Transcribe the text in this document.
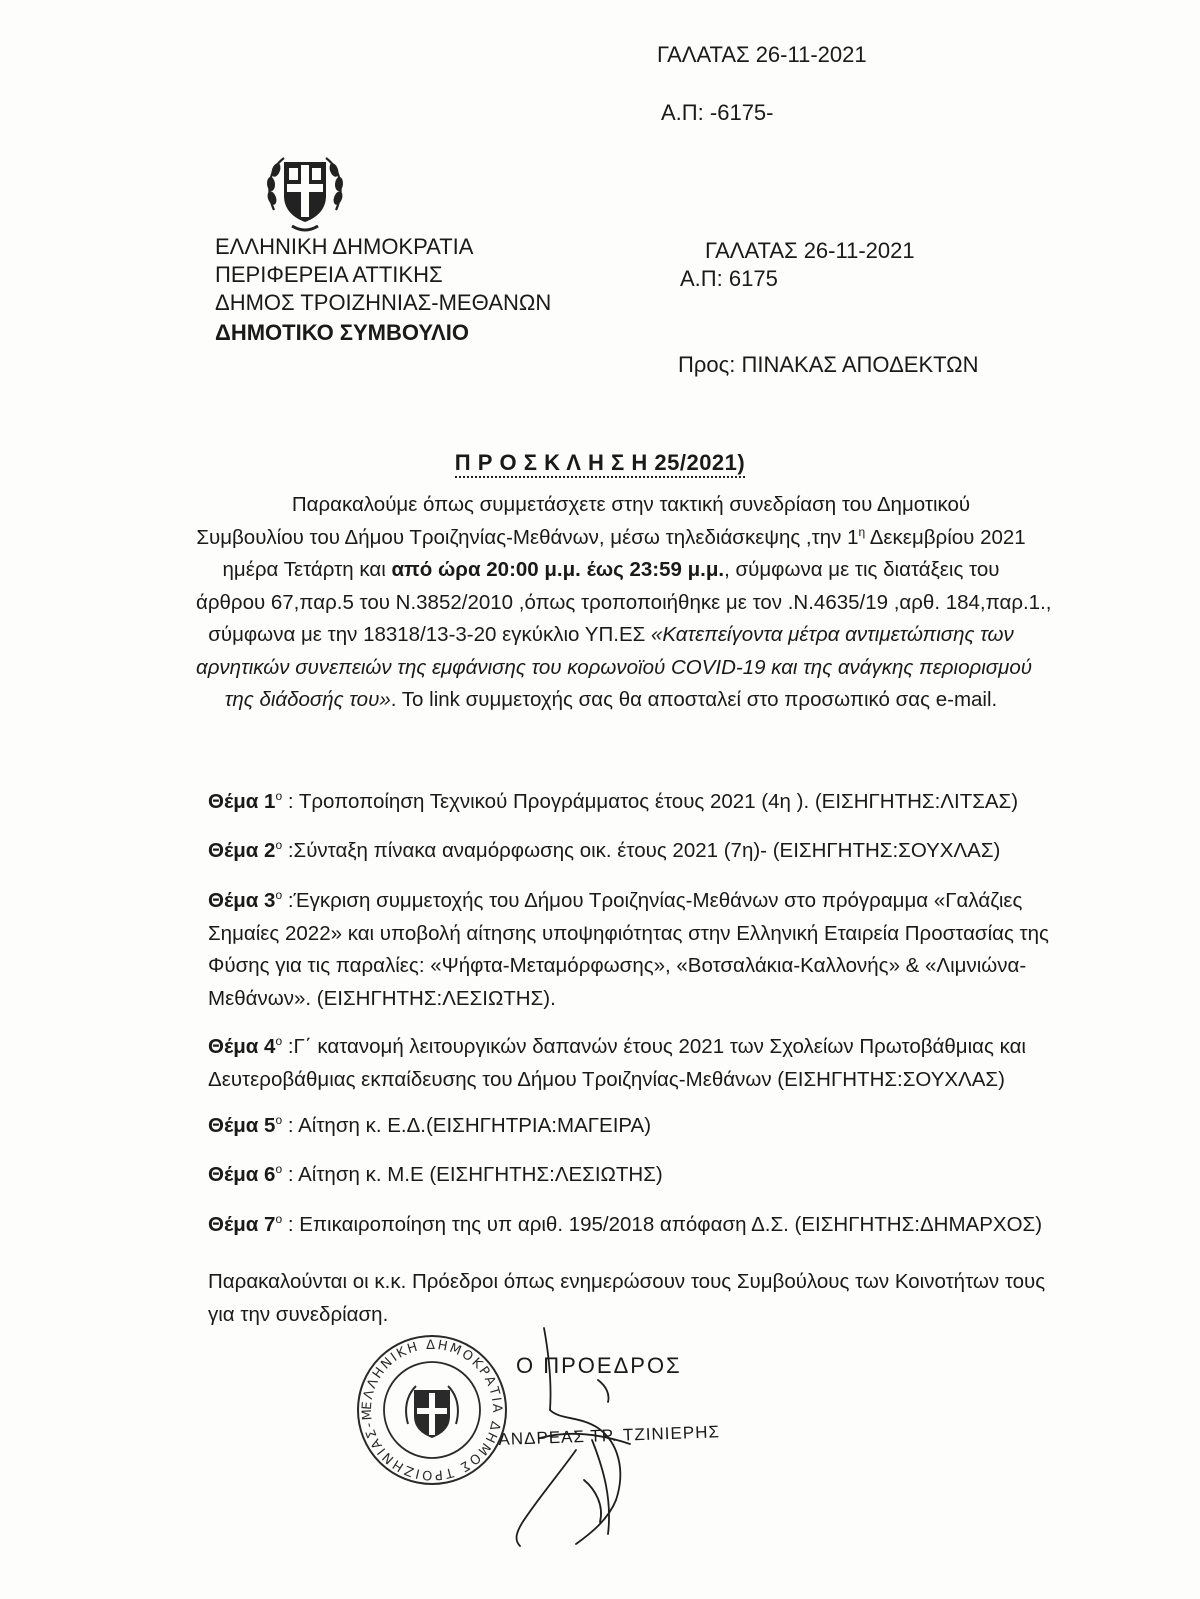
ΓΑΛΑΤΑΣ 26-11-2021
Α.Π: -6175-
ΕΛΛΗΝΙΚΗ ΔΗΜΟΚΡΑΤΙΑ
ΠΕΡΙΦΕΡΕΙΑ ΑΤΤΙΚΗΣ
ΔΗΜΟΣ ΤΡΟΙΖΗΝΙΑΣ-ΜΕΘΑΝΩΝ
ΔΗΜΟΤΙΚΟ ΣΥΜΒΟΥΛΙΟ
ΓΑΛΑΤΑΣ 26-11-2021
Α.Π: 6175
Προς: ΠΙΝΑΚΑΣ ΑΠΟΔΕΚΤΩΝ
Π Ρ Ο Σ Κ Λ Η Σ Η 25/2021)
Παρακαλούμε όπως συμμετάσχετε στην τακτική συνεδρίαση του Δημοτικού
Συμβουλίου του Δήμου Τροιζηνίας-Μεθάνων, μέσω τηλεδιάσκεψης ,την $1^\eta$ Δεκεμβρίου 2021
ημέρα Τετάρτη και από ώρα 20:00 μ.μ. έως 23:59 μ.μ., σύμφωνα με τις διατάξεις του
άρθρου 67,παρ.5 του Ν.3852/2010 ,όπως τροποποιήθηκε με τον .Ν.4635/19 ,αρθ. 184,παρ.1.,
σύμφωνα με την 18318/13-3-20 εγκύκλιο ΥΠ.ΕΣ «Κατεπείγοντα μέτρα αντιμετώπισης των
αρνητικών συνεπειών της εμφάνισης του κορωνοϊού COVID-19 και της ανάγκης περιορισμού
της διάδοσής του». Το link συμμετοχής σας θα αποσταλεί στο προσωπικό σας e-mail.
Θέμα $1^o$ : Τροποποίηση Τεχνικού Προγράμματος έτους 2021 (4η ). (ΕΙΣΗΓΗΤΗΣ:ΛΙΤΣΑΣ)
Θέμα $2^o$ :Σύνταξη πίνακα αναμόρφωσης οικ. έτους 2021 (7η)- (ΕΙΣΗΓΗΤΗΣ:ΣΟΥΧΛΑΣ)
Θέμα $3^o$ :Έγκριση συμμετοχής του Δήμου Τροιζηνίας-Μεθάνων στο πρόγραμμα «Γαλάζιες
Σημαίες 2022» και υποβολή αίτησης υποψηφιότητας στην Ελληνική Εταιρεία Προστασίας της
Φύσης για τις παραλίες: «Ψήφτα-Μεταμόρφωσης», «Βοτσαλάκια-Καλλονής» & «Λιμνιώνα-
Μεθάνων». (ΕΙΣΗΓΗΤΗΣ:ΛΕΣΙΩΤΗΣ).
Θέμα $4^o$ :Γ΄ κατανομή λειτουργικών δαπανών έτους 2021 των Σχολείων Πρωτοβάθμιας και
Δευτεροβάθμιας εκπαίδευσης του Δήμου Τροιζηνίας-Μεθάνων (ΕΙΣΗΓΗΤΗΣ:ΣΟΥΧΛΑΣ)
Θέμα $5^o$ : Αίτηση κ. Ε.Δ.(ΕΙΣΗΓΗΤΡΙΑ:ΜΑΓΕΙΡΑ)
Θέμα $6^o$ : Αίτηση κ. Μ.Ε (ΕΙΣΗΓΗΤΗΣ:ΛΕΣΙΩΤΗΣ)
Θέμα $7^o$ : Επικαιροποίηση της υπ αριθ. 195/2018 απόφαση Δ.Σ. (ΕΙΣΗΓΗΤΗΣ:ΔΗΜΑΡΧΟΣ)
Παρακαλούνται οι κ.κ. Πρόεδροι όπως ενημερώσουν τους Συμβούλους των Κοινοτήτων τους
για την συνεδρίαση.
ΕΛΛΗΝΙΚΗ ΔΗΜΟΚΡΑΤΙΑ ΔΗΜΟΣ ΤΡΟΙΖΗΝΙΑΣ-Μ
Ο ΠΡΟΕΔΡΟΣ
ΑΝΔΡΕΑΣ ΤΡ. ΤΖΙΝΙΕΡΗΣ
